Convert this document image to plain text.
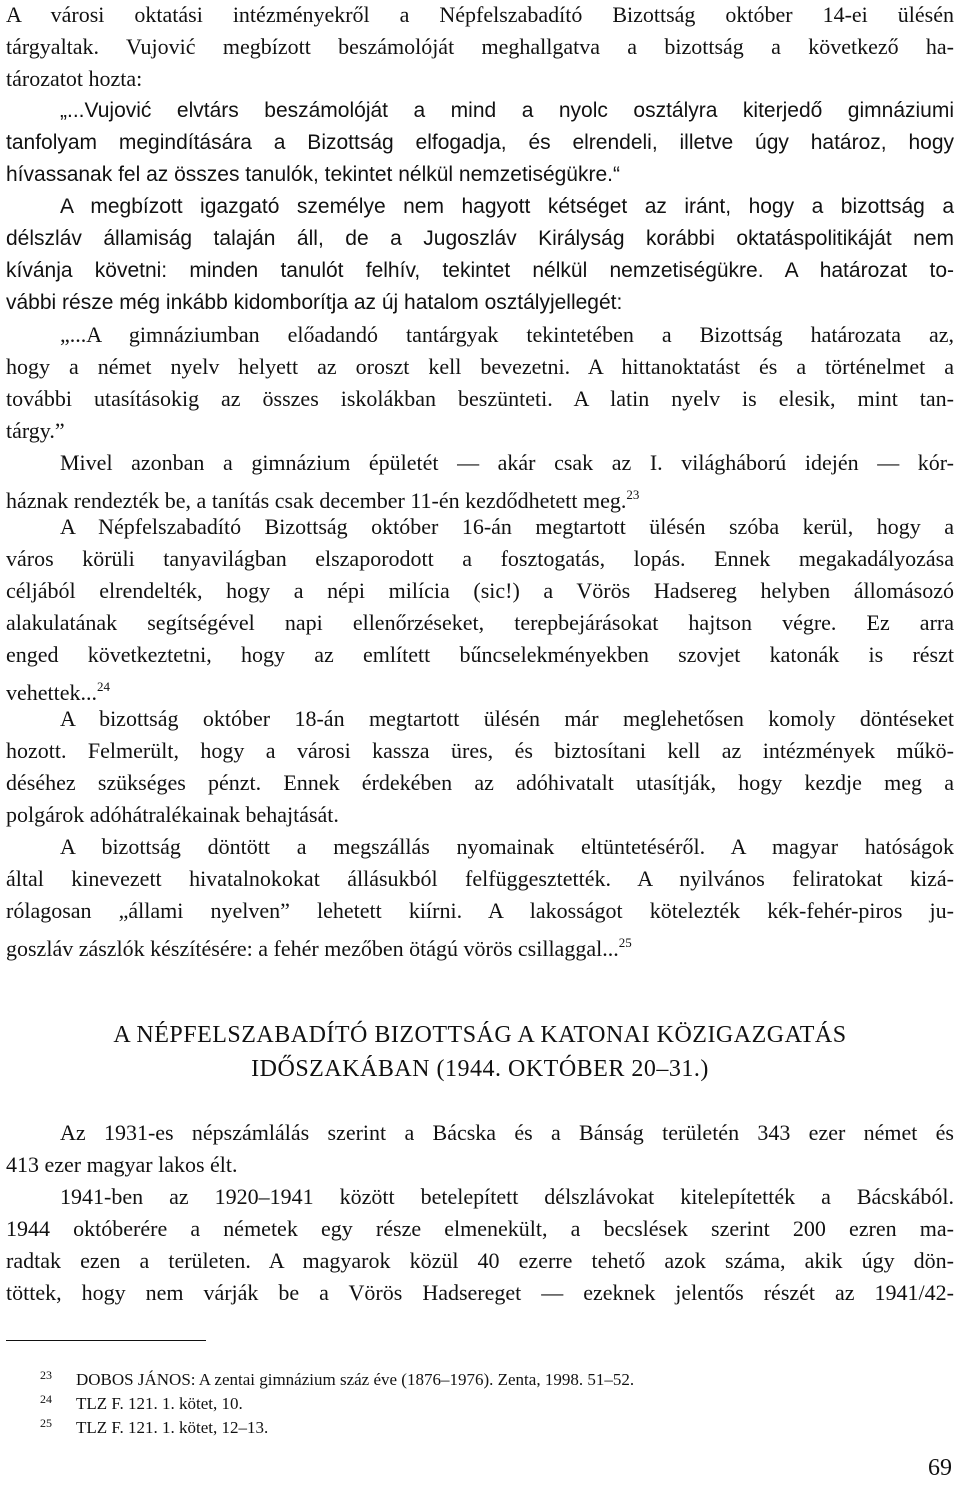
A városi oktatási intézményekről a Népfelszabadító Bizottság október 14-ei ülésén
tárgyaltak. Vujović megbízott beszámolóját meghallgatva a bizottság a következő ha-
tározatot hozta:
„...Vujović elvtárs beszámolóját a mind a nyolc osztályra kiterjedő gimnáziumi
tanfolyam megindítására a Bizottság elfogadja, és elrendeli, illetve úgy határoz, hogy
hívassanak fel az összes tanulók, tekintet nélkül nemzetiségükre.“
A megbízott igazgató személye nem hagyott kétséget az iránt, hogy a bizottság a
délszláv államiság talaján áll, de a Jugoszláv Királyság korábbi oktatáspolitikáját nem
kívánja követni: minden tanulót felhív, tekintet nélkül nemzetiségükre. A határozat to-
vábbi része még inkább kidomborítja az új hatalom osztályjellegét:
„...A gimnáziumban előadandó tantárgyak tekintetében a Bizottság határozata az,
hogy a német nyelv helyett az oroszt kell bevezetni. A hittanoktatást és a történelmet a
további utasításokig az összes iskolákban beszünteti. A latin nyelv is elesik, mint tan-
tárgy.”
Mivel azonban a gimnázium épületét — akár csak az I. világháború idején — kór-
háznak rendezték be, a tanítás csak december 11-én kezdődhetett meg.$^{23}$
A Népfelszabadító Bizottság október 16-án megtartott ülésén szóba kerül, hogy a
város körüli tanyavilágban elszaporodott a fosztogatás, lopás. Ennek megakadályozása
céljából elrendelték, hogy a népi milícia (sic!) a Vörös Hadsereg helyben állomásozó
alakulatának segítségével napi ellenőrzéseket, terepbejárásokat hajtson végre. Ez arra
enged következtetni, hogy az említett bűncselekményekben szovjet katonák is részt
vehettek...$^{24}$
A bizottság október 18-án megtartott ülésén már meglehetősen komoly döntéseket
hozott. Felmerült, hogy a városi kassza üres, és biztosítani kell az intézmények műkö-
déséhez szükséges pénzt. Ennek érdekében az adóhivatalt utasítják, hogy kezdje meg a
polgárok adóhátralékainak behajtását.
A bizottság döntött a megszállás nyomainak eltüntetéséről. A magyar hatóságok
által kinevezett hivatalnokokat állásukból felfüggesztették. A nyilvános feliratokat kizá-
rólagosan „állami nyelven” lehetett kiírni. A lakosságot kötelezték kék-fehér-piros ju-
goszláv zászlók készítésére: a fehér mezőben ötágú vörös csillaggal...$^{25}$
A NÉPFELSZABADÍTÓ BIZOTTSÁG A KATONAI KÖZIGAZGATÁS
IDŐSZAKÁBAN (1944. OKTÓBER 20–31.)
Az 1931-es népszámlálás szerint a Bácska és a Bánság területén 343 ezer német és
413 ezer magyar lakos élt.
1941-ben az 1920–1941 között betelepített délszlávokat kitelepítették a Bácskából.
1944 októberére a németek egy része elmenekült, a becslések szerint 200 ezren ma-
radtak ezen a területen. A magyarok közül 40 ezerre tehető azok száma, akik úgy dön-
töttek, hogy nem várják be a Vörös Hadsereget — ezeknek jelentős részét az 1941/42-
$^{23}$ DOBOS JÁNOS: A zentai gimnázium száz éve (1876–1976). Zenta, 1998. 51–52.
$^{24}$ TLZ F. 121. 1. kötet, 10.
$^{25}$ TLZ F. 121. 1. kötet, 12–13.
69
